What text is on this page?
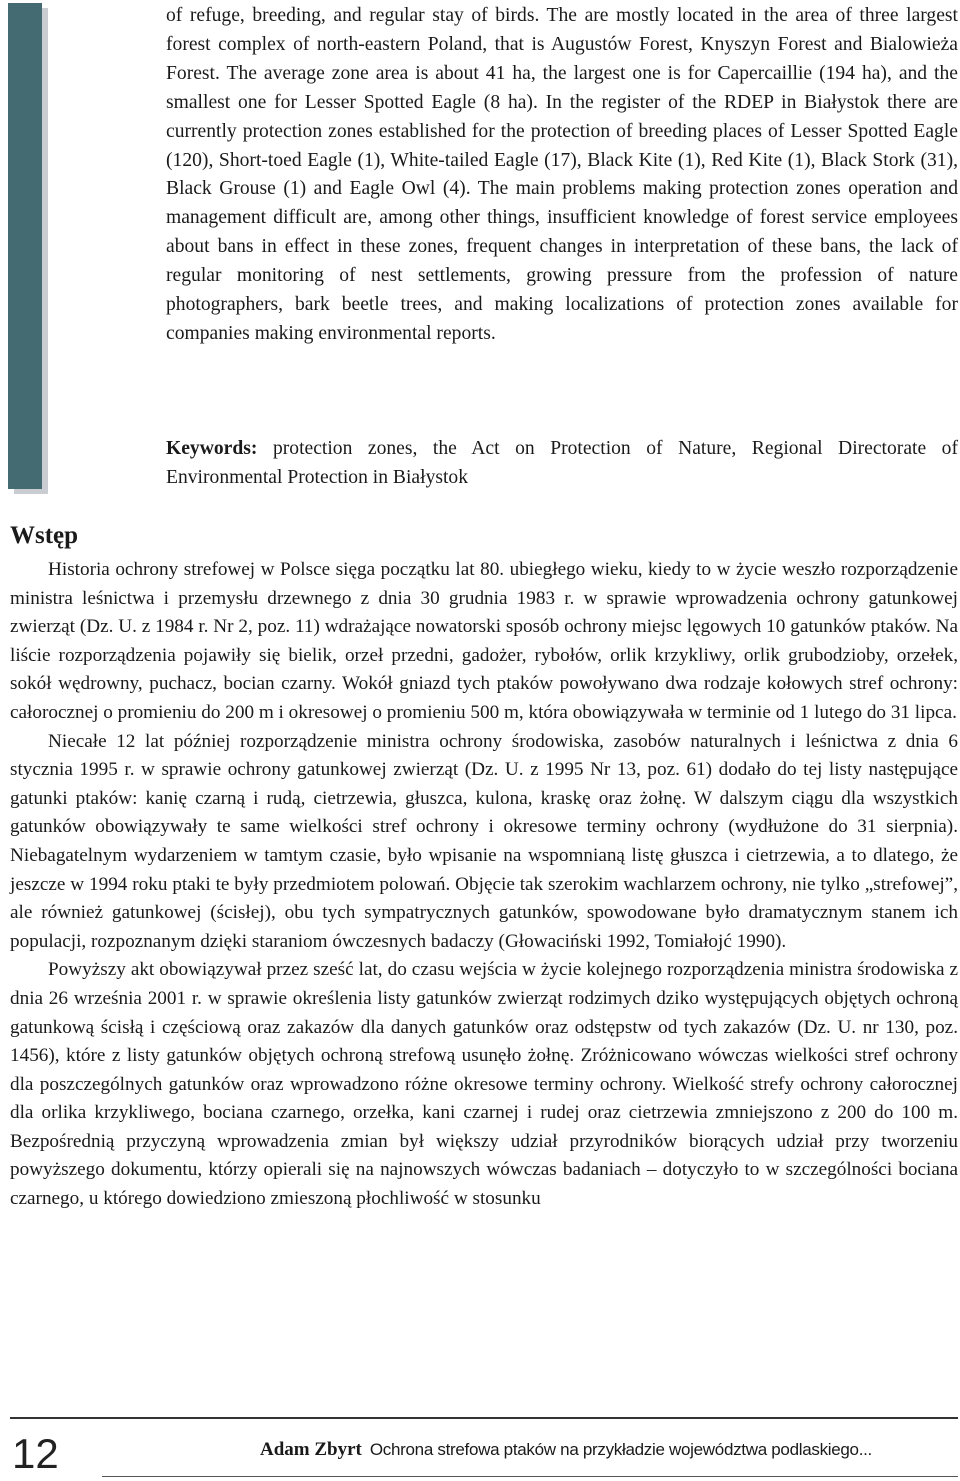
of refuge, breeding, and regular stay of birds. The are mostly located in the area of three largest forest complex of north-eastern Poland, that is Augustów Forest, Knyszyn Forest and Bialowieża Forest. The average zone area is about 41 ha, the largest one is for Capercaillie (194 ha), and the smallest one for Lesser Spotted Eagle (8 ha). In the register of the RDEP in Białystok there are currently protection zones established for the protection of breeding places of Lesser Spotted Eagle (120), Short-toed Eagle (1), White-tailed Eagle (17), Black Kite (1), Red Kite (1), Black Stork (31), Black Grouse (1) and Eagle Owl (4). The main problems making protection zones operation and management difficult are, among other things, insufficient knowledge of forest service employees about bans in effect in these zones, frequent changes in interpretation of these bans, the lack of regular monitoring of nest settlements, growing pressure from the profession of nature photographers, bark beetle trees, and making localizations of protection zones available for companies making environmental reports.

Keywords: protection zones, the Act on Protection of Nature, Regional Directorate of Environmental Protection in Białystok

Wstęp

Historia ochrony strefowej w Polsce sięga początku lat 80. ubiegłego wieku, kiedy to w życie weszło rozporządzenie ministra leśnictwa i przemysłu drzewnego z dnia 30 grudnia 1983 r. w sprawie wprowadzenia ochrony gatunkowej zwierząt (Dz. U. z 1984 r. Nr 2, poz. 11) wdrażające nowatorski sposób ochrony miejsc lęgowych 10 gatunków ptaków. Na liście rozporządzenia pojawiły się bielik, orzeł przedni, gadożer, rybołów, orlik krzykliwy, orlik grubodzioby, orzełek, sokół wędrowny, puchacz, bocian czarny. Wokół gniazd tych ptaków powoływano dwa rodzaje kołowych stref ochrony: całorocznej o promieniu do 200 m i okresowej o promieniu 500 m, która obowiązywała w terminie od 1 lutego do 31 lipca.

Niecałe 12 lat później rozporządzenie ministra ochrony środowiska, zasobów naturalnych i leśnictwa z dnia 6 stycznia 1995 r. w sprawie ochrony gatunkowej zwierząt (Dz. U. z 1995 Nr 13, poz. 61) dodało do tej listy następujące gatunki ptaków: kanię czarną i rudą, cietrzewia, głuszca, kulona, kraskę oraz żołnę. W dalszym ciągu dla wszystkich gatunków obowiązywały te same wielkości stref ochrony i okresowe terminy ochrony (wydłużone do 31 sierpnia). Niebagatelnym wydarzeniem w tamtym czasie, było wpisanie na wspomnianą listę głuszca i cietrzewia, a to dlatego, że jeszcze w 1994 roku ptaki te były przedmiotem polowań. Objęcie tak szerokim wachlarzem ochrony, nie tylko „strefowej”, ale również gatunkowej (ścisłej), obu tych sympatrycznych gatunków, spowodowane było dramatycznym stanem ich populacji, rozpoznanym dzięki staraniom ówczesnych badaczy (Głowaciński 1992, Tomiałojć 1990).

Powyższy akt obowiązywał przez sześć lat, do czasu wejścia w życie kolejnego rozporządzenia ministra środowiska z dnia 26 września 2001 r. w sprawie określenia listy gatunków zwierząt rodzimych dziko występujących objętych ochroną gatunkową ścisłą i częściową oraz zakazów dla danych gatunków oraz odstępstw od tych zakazów (Dz. U. nr 130, poz. 1456), które z listy gatunków objętych ochroną strefową usunęło żołnę. Zróżnicowano wówczas wielkości stref ochrony dla poszczególnych gatunków oraz wprowadzono różne okresowe terminy ochrony. Wielkość strefy ochrony całorocznej dla orlika krzykliwego, bociana czarnego, orzełka, kani czarnej i rudej oraz cietrzewia zmniejszono z 200 do 100 m. Bezpośrednią przyczyną wprowadzenia zmian był większy udział przyrodników biorących udział przy tworzeniu powyższego dokumentu, którzy opierali się na najnowszych wówczas badaniach – dotyczyło to w szczególności bociana czarnego, u którego dowiedziono zmieszoną płochliwość w stosunku

12	Adam Zbyrt Ochrona strefowa ptaków na przykładzie województwa podlaskiego...
